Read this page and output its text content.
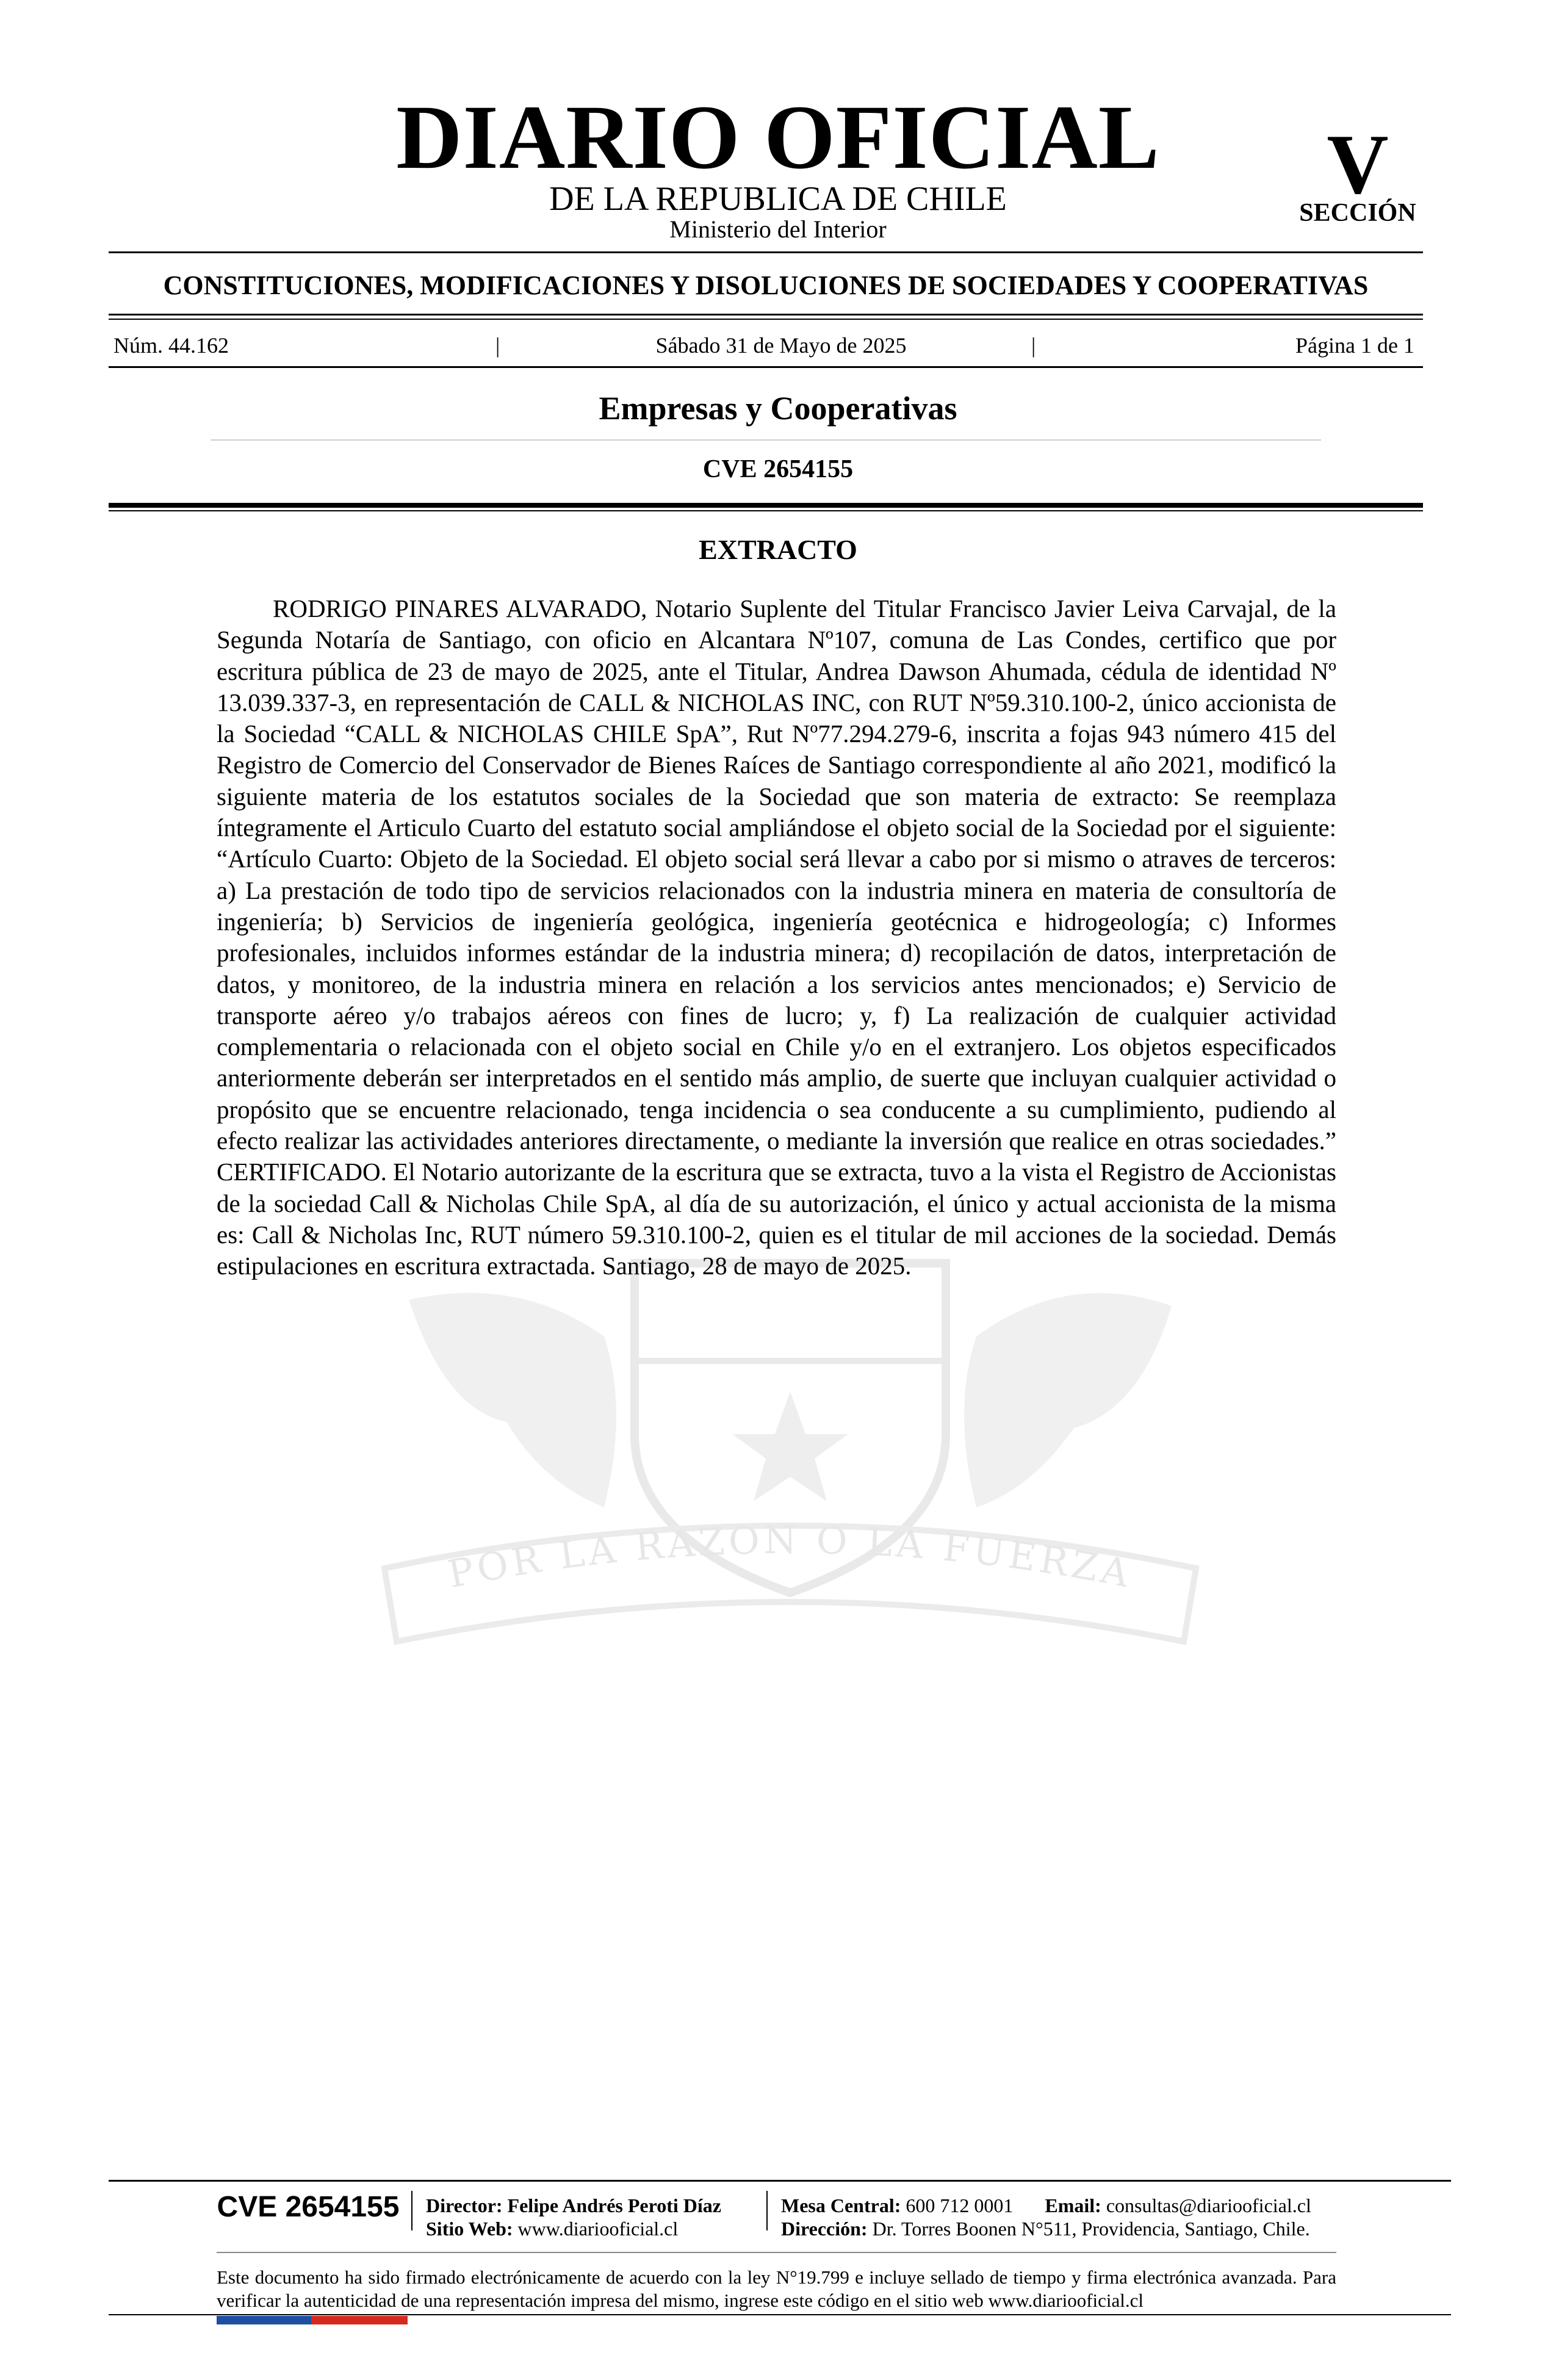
DIARIO OFICIAL
DE LA REPUBLICA DE CHILE
Ministerio del Interior
V
SECCIÓN
CONSTITUCIONES, MODIFICACIONES Y DISOLUCIONES DE SOCIEDADES Y COOPERATIVAS
Núm. 44.162	|	Sábado 31 de Mayo de 2025	|	Página 1 de 1
Empresas y Cooperativas
CVE 2654155
EXTRACTO

RODRIGO PINARES ALVARADO, Notario Suplente del Titular Francisco Javier Leiva Carvajal, de la Segunda Notaría de Santiago, con oficio en Alcantara Nº107, comuna de Las Condes, certifico que por escritura pública de 23 de mayo de 2025, ante el Titular, Andrea Dawson Ahumada, cédula de identidad Nº 13.039.337-3, en representación de CALL & NICHOLAS INC, con RUT Nº59.310.100-2, único accionista de la Sociedad “CALL & NICHOLAS CHILE SpA”, Rut Nº77.294.279-6, inscrita a fojas 943 número 415 del Registro de Comercio del Conservador de Bienes Raíces de Santiago correspondiente al año 2021, modificó la siguiente materia de los estatutos sociales de la Sociedad que son materia de extracto: Se reemplaza íntegramente el Articulo Cuarto del estatuto social ampliándose el objeto social de la Sociedad por el siguiente: “Artículo Cuarto: Objeto de la Sociedad. El objeto social será llevar a cabo por si mismo o atraves de terceros: a) La prestación de todo tipo de servicios relacionados con la industria minera en materia de consultoría de ingeniería; b) Servicios de ingeniería geológica, ingeniería geotécnica e hidrogeología; c) Informes profesionales, incluidos informes estándar de la industria minera; d) recopilación de datos, interpretación de datos, y monitoreo, de la industria minera en relación a los servicios antes mencionados; e) Servicio de transporte aéreo y/o trabajos aéreos con fines de lucro; y, f) La realización de cualquier actividad complementaria o relacionada con el objeto social en Chile y/o en el extranjero. Los objetos especificados anteriormente deberán ser interpretados en el sentido más amplio, de suerte que incluyan cualquier actividad o propósito que se encuentre relacionado, tenga incidencia o sea conducente a su cumplimiento, pudiendo al efecto realizar las actividades anteriores directamente, o mediante la inversión que realice en otras sociedades.” CERTIFICADO. El Notario autorizante de la escritura que se extracta, tuvo a la vista el Registro de Accionistas de la sociedad Call & Nicholas Chile SpA, al día de su autorización, el único y actual accionista de la misma es: Call & Nicholas Inc, RUT número 59.310.100-2, quien es el titular de mil acciones de la sociedad. Demás estipulaciones en escritura extractada. Santiago, 28 de mayo de 2025.

POR LA RAZON O LA FUERZA
CVE 2654155	Director: Felipe Andrés Peroti Díaz
Sitio Web: www.diariooficial.cl
Mesa Central: 600 712 0001 Email: consultas@diariooficial.cl
Dirección: Dr. Torres Boonen N°511, Providencia, Santiago, Chile.

Este documento ha sido firmado electrónicamente de acuerdo con la ley N°19.799 e incluye sellado de tiempo y firma electrónica avanzada. Para verificar la autenticidad de una representación impresa del mismo, ingrese este código en el sitio web www.diariooficial.cl
